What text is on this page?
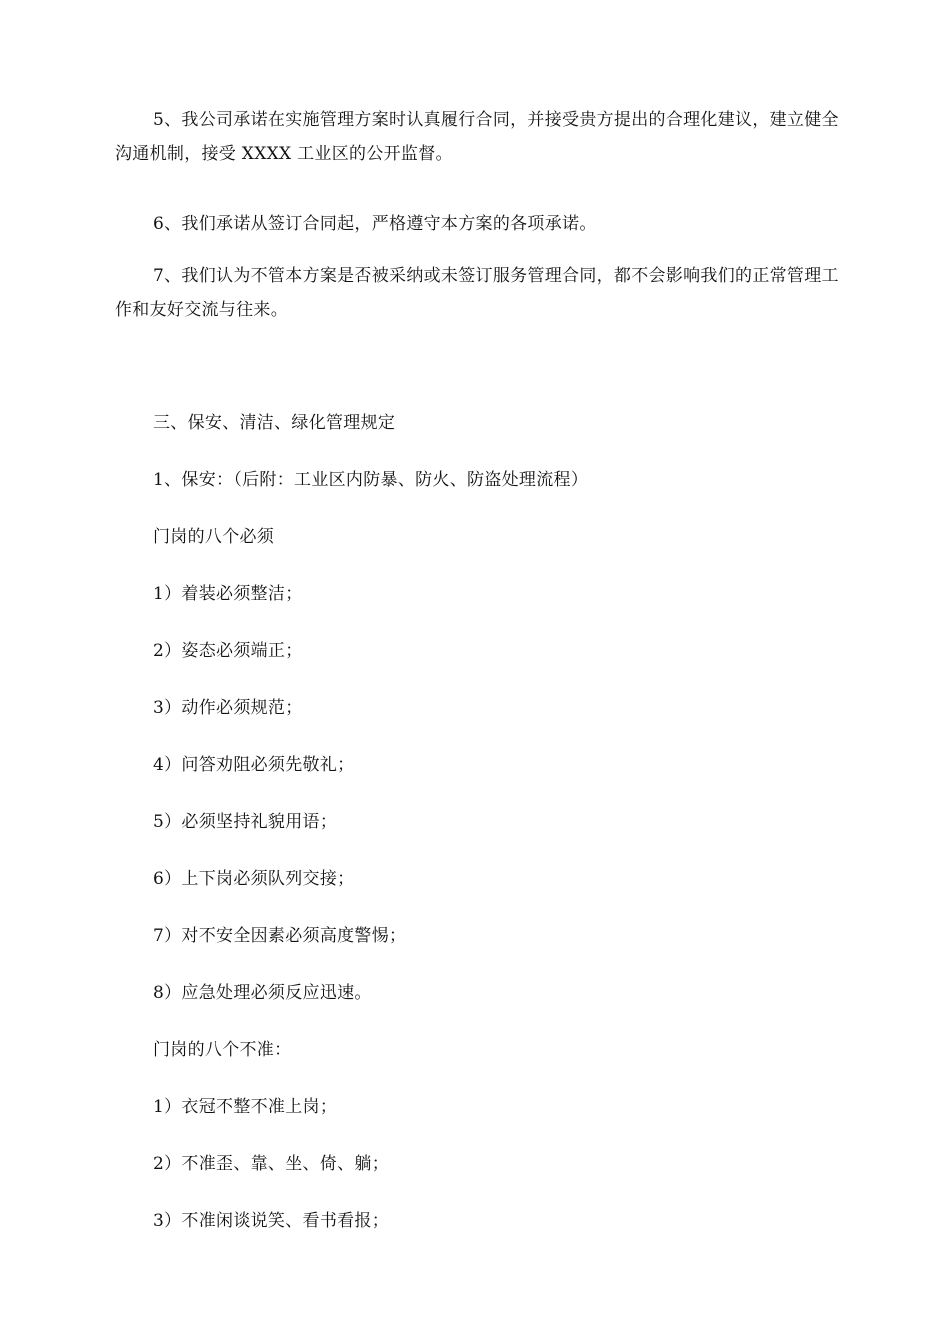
5、我公司承诺在实施管理方案时认真履行合同，并接受贵方提出的合理化建议，建立健全沟通机制，接受 XXXX 工业区的公开监督。

6、我们承诺从签订合同起，严格遵守本方案的各项承诺。

7、我们认为不管本方案是否被采纳或未签订服务管理合同，都不会影响我们的正常管理工作和友好交流与往来。

三、保安、清洁、绿化管理规定
1、保安：（后附：工业区内防暴、防火、防盗处理流程）
门岗的八个必须
1）着装必须整洁；
2）姿态必须端正；
3）动作必须规范；
4）问答劝阻必须先敬礼；
5）必须坚持礼貌用语；
6）上下岗必须队列交接；
7）对不安全因素必须高度警惕；
8）应急处理必须反应迅速。
门岗的八个不准：
1）衣冠不整不准上岗；
2）不准歪、靠、坐、倚、躺；
3）不准闲谈说笑、看书看报；
